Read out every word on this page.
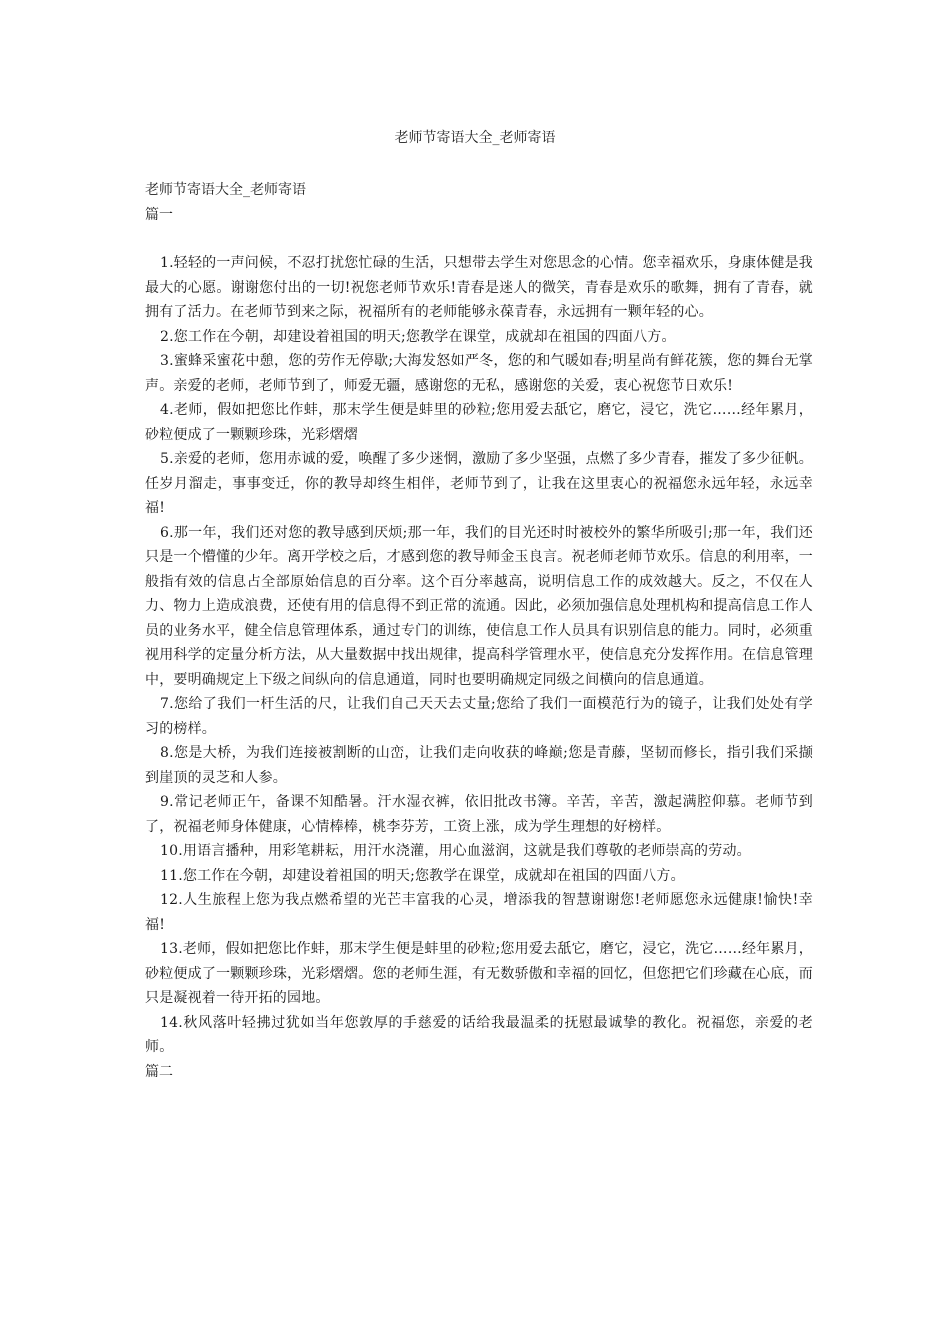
老师节寄语大全_老师寄语

老师节寄语大全_老师寄语

篇一

1.轻轻的一声问候，不忍打扰您忙碌的生活，只想带去学生对您思念的心情。您幸福欢乐，身康体健是我最大的心愿。谢谢您付出的一切!祝您老师节欢乐!青春是迷人的微笑，青春是欢乐的歌舞，拥有了青春，就拥有了活力。在老师节到来之际，祝福所有的老师能够永葆青春，永远拥有一颗年轻的心。

2.您工作在今朝，却建设着祖国的明天;您教学在课堂，成就却在祖国的四面八方。

3.蜜蜂采蜜花中憩，您的劳作无停歇;大海发怒如严冬，您的和气暖如春;明星尚有鲜花簇，您的舞台无掌声。亲爱的老师，老师节到了，师爱无疆，感谢您的无私，感谢您的关爱，衷心祝您节日欢乐!

4.老师，假如把您比作蚌，那末学生便是蚌里的砂粒;您用爱去舐它，磨它，浸它，洗它……经年累月，砂粒便成了一颗颗珍珠，光彩熠熠

5.亲爱的老师，您用赤诚的爱，唤醒了多少迷惘，激励了多少坚强，点燃了多少青春，摧发了多少征帆。任岁月溜走，事事变迁，你的教导却终生相伴，老师节到了，让我在这里衷心的祝福您永远年轻，永远幸福!

6.那一年，我们还对您的教导感到厌烦;那一年，我们的目光还时时被校外的繁华所吸引;那一年，我们还只是一个懵懂的少年。离开学校之后，才感到您的教导师金玉良言。祝老师老师节欢乐。信息的利用率，一般指有效的信息占全部原始信息的百分率。这个百分率越高，说明信息工作的成效越大。反之，不仅在人力、物力上造成浪费，还使有用的信息得不到正常的流通。因此，必须加强信息处理机构和提高信息工作人员的业务水平，健全信息管理体系，通过专门的训练，使信息工作人员具有识别信息的能力。同时，必须重视用科学的定量分析方法，从大量数据中找出规律，提高科学管理水平，使信息充分发挥作用。在信息管理中，要明确规定上下级之间纵向的信息通道，同时也要明确规定同级之间横向的信息通道。

7.您给了我们一杆生活的尺，让我们自己天天去丈量;您给了我们一面模范行为的镜子，让我们处处有学习的榜样。

8.您是大桥，为我们连接被割断的山峦，让我们走向收获的峰巅;您是青藤，坚韧而修长，指引我们采撷到崖顶的灵芝和人参。

9.常记老师正午，备课不知酷暑。汗水湿衣裤，依旧批改书簿。辛苦，辛苦，激起满腔仰慕。老师节到了，祝福老师身体健康，心情棒棒，桃李芬芳，工资上涨，成为学生理想的好榜样。

10.用语言播种，用彩笔耕耘，用汗水浇灌，用心血滋润，这就是我们尊敬的老师崇高的劳动。

11.您工作在今朝，却建设着祖国的明天;您教学在课堂，成就却在祖国的四面八方。

12.人生旅程上您为我点燃希望的光芒丰富我的心灵，增添我的智慧谢谢您!老师愿您永远健康!愉快!幸福!

13.老师，假如把您比作蚌，那末学生便是蚌里的砂粒;您用爱去舐它，磨它，浸它，洗它……经年累月，砂粒便成了一颗颗珍珠，光彩熠熠。您的老师生涯，有无数骄傲和幸福的回忆，但您把它们珍藏在心底，而只是凝视着一待开拓的园地。

14.秋风落叶轻拂过犹如当年您敦厚的手慈爱的话给我最温柔的抚慰最诚挚的教化。祝福您，亲爱的老师。

篇二
